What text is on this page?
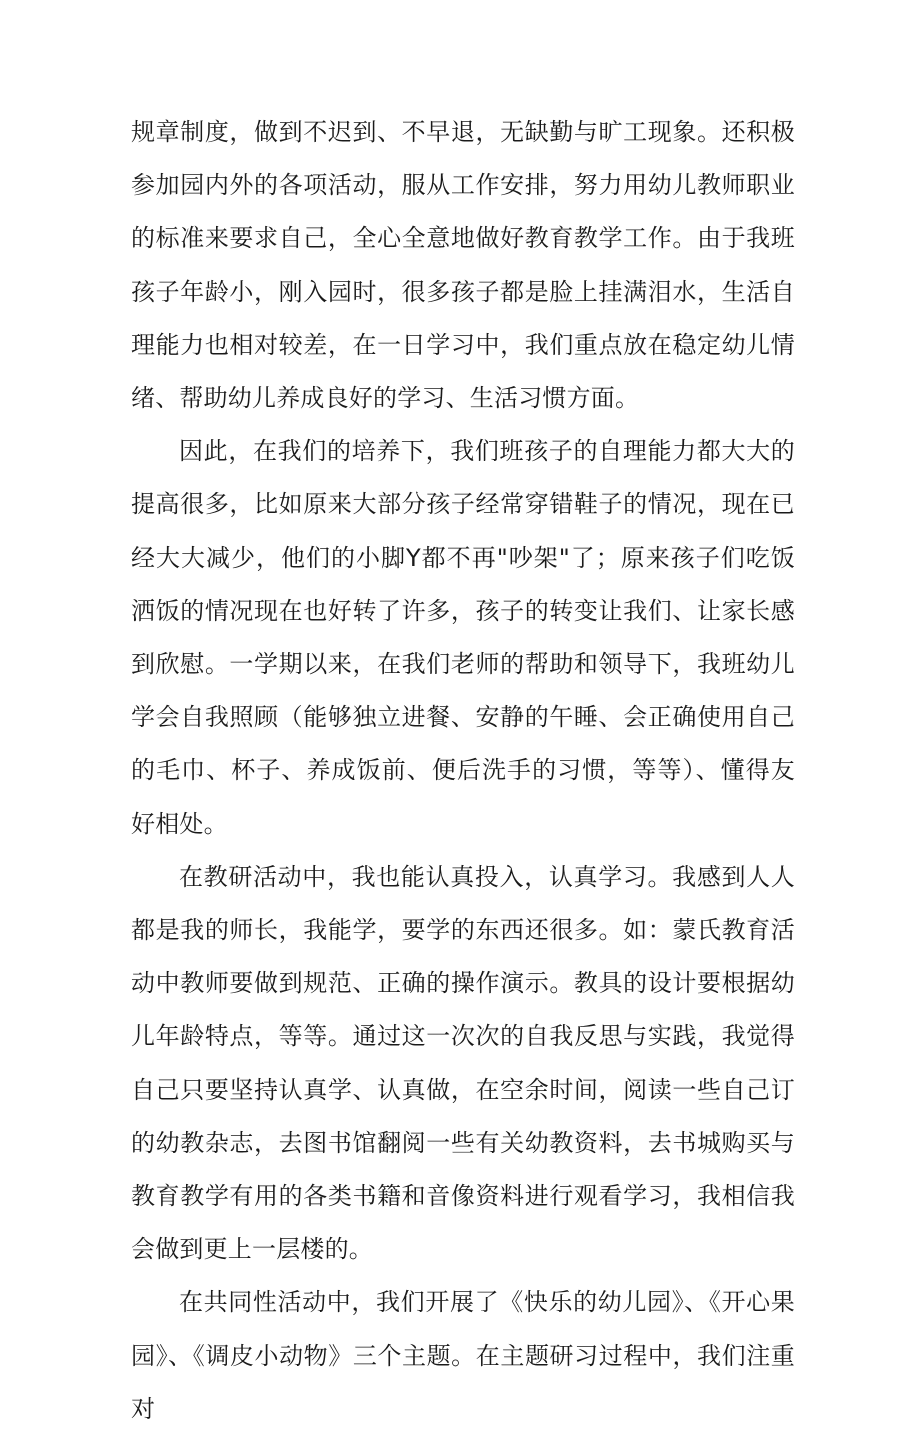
规章制度，做到不迟到、不早退，无缺勤与旷工现象。还积极参加园内外的各项活动，服从工作安排，努力用幼儿教师职业的标准来要求自己，全心全意地做好教育教学工作。由于我班孩子年龄小，刚入园时，很多孩子都是脸上挂满泪水，生活自理能力也相对较差，在一日学习中，我们重点放在稳定幼儿情绪、帮助幼儿养成良好的学习、生活习惯方面。

因此，在我们的培养下，我们班孩子的自理能力都大大的提高很多，比如原来大部分孩子经常穿错鞋子的情况，现在已经大大减少，他们的小脚Y都不再"吵架"了；原来孩子们吃饭洒饭的情况现在也好转了许多，孩子的转变让我们、让家长感到欣慰。一学期以来，在我们老师的帮助和领导下，我班幼儿学会自我照顾（能够独立进餐、安静的午睡、会正确使用自己的毛巾、杯子、养成饭前、便后洗手的习惯，等等）、懂得友好相处。

在教研活动中，我也能认真投入，认真学习。我感到人人都是我的师长，我能学，要学的东西还很多。如：蒙氏教育活动中教师要做到规范、正确的操作演示。教具的设计要根据幼儿年龄特点，等等。通过这一次次的自我反思与实践，我觉得自己只要坚持认真学、认真做，在空余时间，阅读一些自己订的幼教杂志，去图书馆翻阅一些有关幼教资料，去书城购买与教育教学有用的各类书籍和音像资料进行观看学习，我相信我会做到更上一层楼的。

在共同性活动中，我们开展了《快乐的幼儿园》、《开心果园》、《调皮小动物》三个主题。在主题研习过程中，我们注重对
